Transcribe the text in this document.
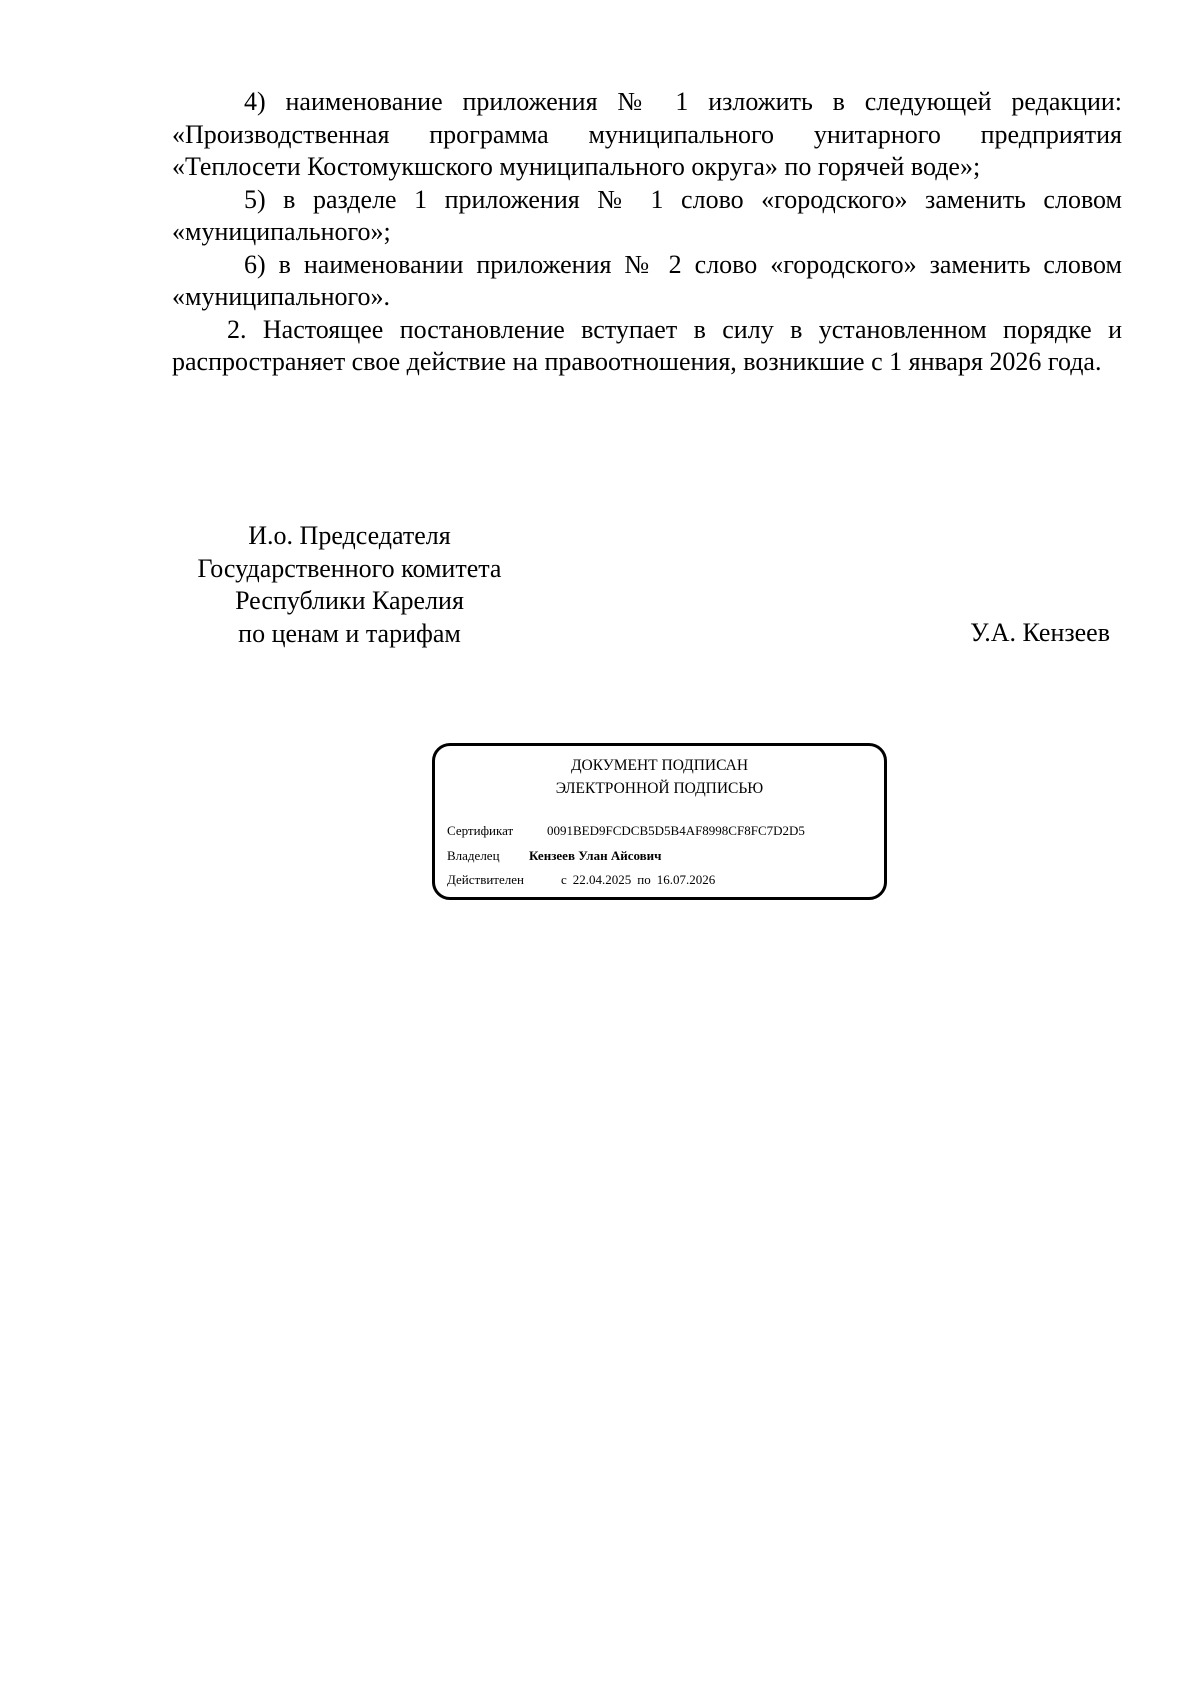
4) наименование приложения № 1 изложить в следующей редакции: «Производственная программа муниципального унитарного предприятия «Теплосети Костомукшского муниципального округа» по горячей воде»;

5) в разделе 1 приложения № 1 слово «городского» заменить словом «муниципального»;

6) в наименовании приложения № 2 слово «городского» заменить словом «муниципального».

2. Настоящее постановление вступает в силу в установленном порядке и распространяет свое действие на правоотношения, возникшие с 1 января 2026 года.

И.о. Председателя
Государственного комитета
Республики Карелия
по ценам и тарифам	У.А. Кензеев
ДОКУМЕНТ ПОДПИСАН
ЭЛЕКТРОННОЙ ПОДПИСЬЮ
Сертификат	0091BED9FCDCB5D5B4AF8998CF8FC7D2D5
Владелец Кензеев Улан Айсович
Действителен	с 22.04.2025 по 16.07.2026
